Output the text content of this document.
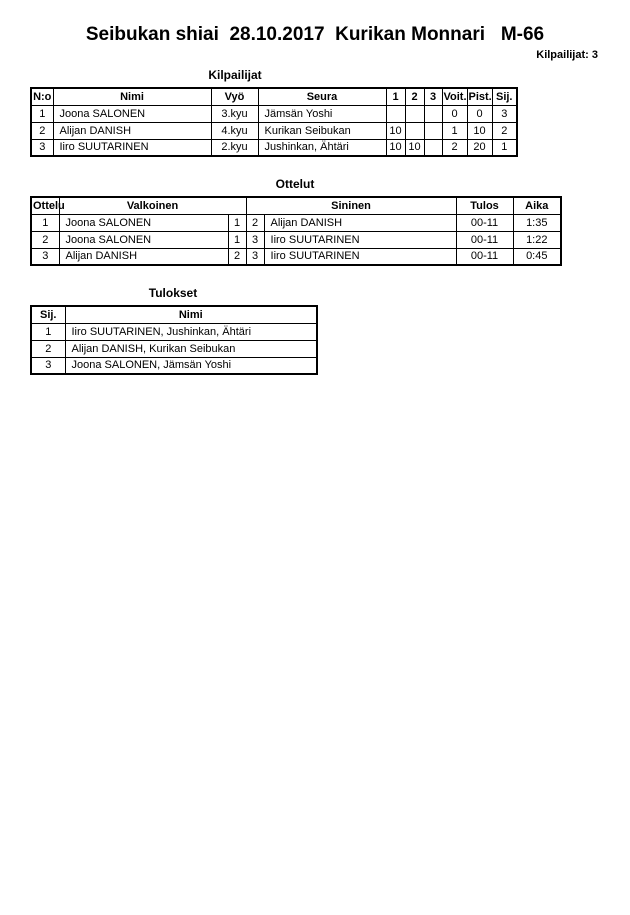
Seibukan shiai  28.10.2017  Kurikan Monnari   M-66
Kilpailijat: 3
Kilpailijat
N:o	Nimi	Vyö	Seura	1	2	3	Voit.	Pist.	Sij.
1	Joona SALONEN	3.kyu	Jämsän Yoshi				0	0	3
2	Alijan DANISH	4.kyu	Kurikan Seibukan	10			1	10	2
3	Iiro SUUTARINEN	2.kyu	Jushinkan, Ähtäri	10	10		2	20	1
Ottelut
Ottelu	Valkoinen		Sininen		Tulos	Aika
1	Joona SALONEN	1	2	Alijan DANISH	00-11	1:35
2	Joona SALONEN	1	3	Iiro SUUTARINEN	00-11	1:22
3	Alijan DANISH	2	3	Iiro SUUTARINEN	00-11	0:45
Tulokset
Sij.	Nimi
1	Iiro SUUTARINEN, Jushinkan, Ähtäri
2	Alijan DANISH, Kurikan Seibukan
3	Joona SALONEN, Jämsän Yoshi
